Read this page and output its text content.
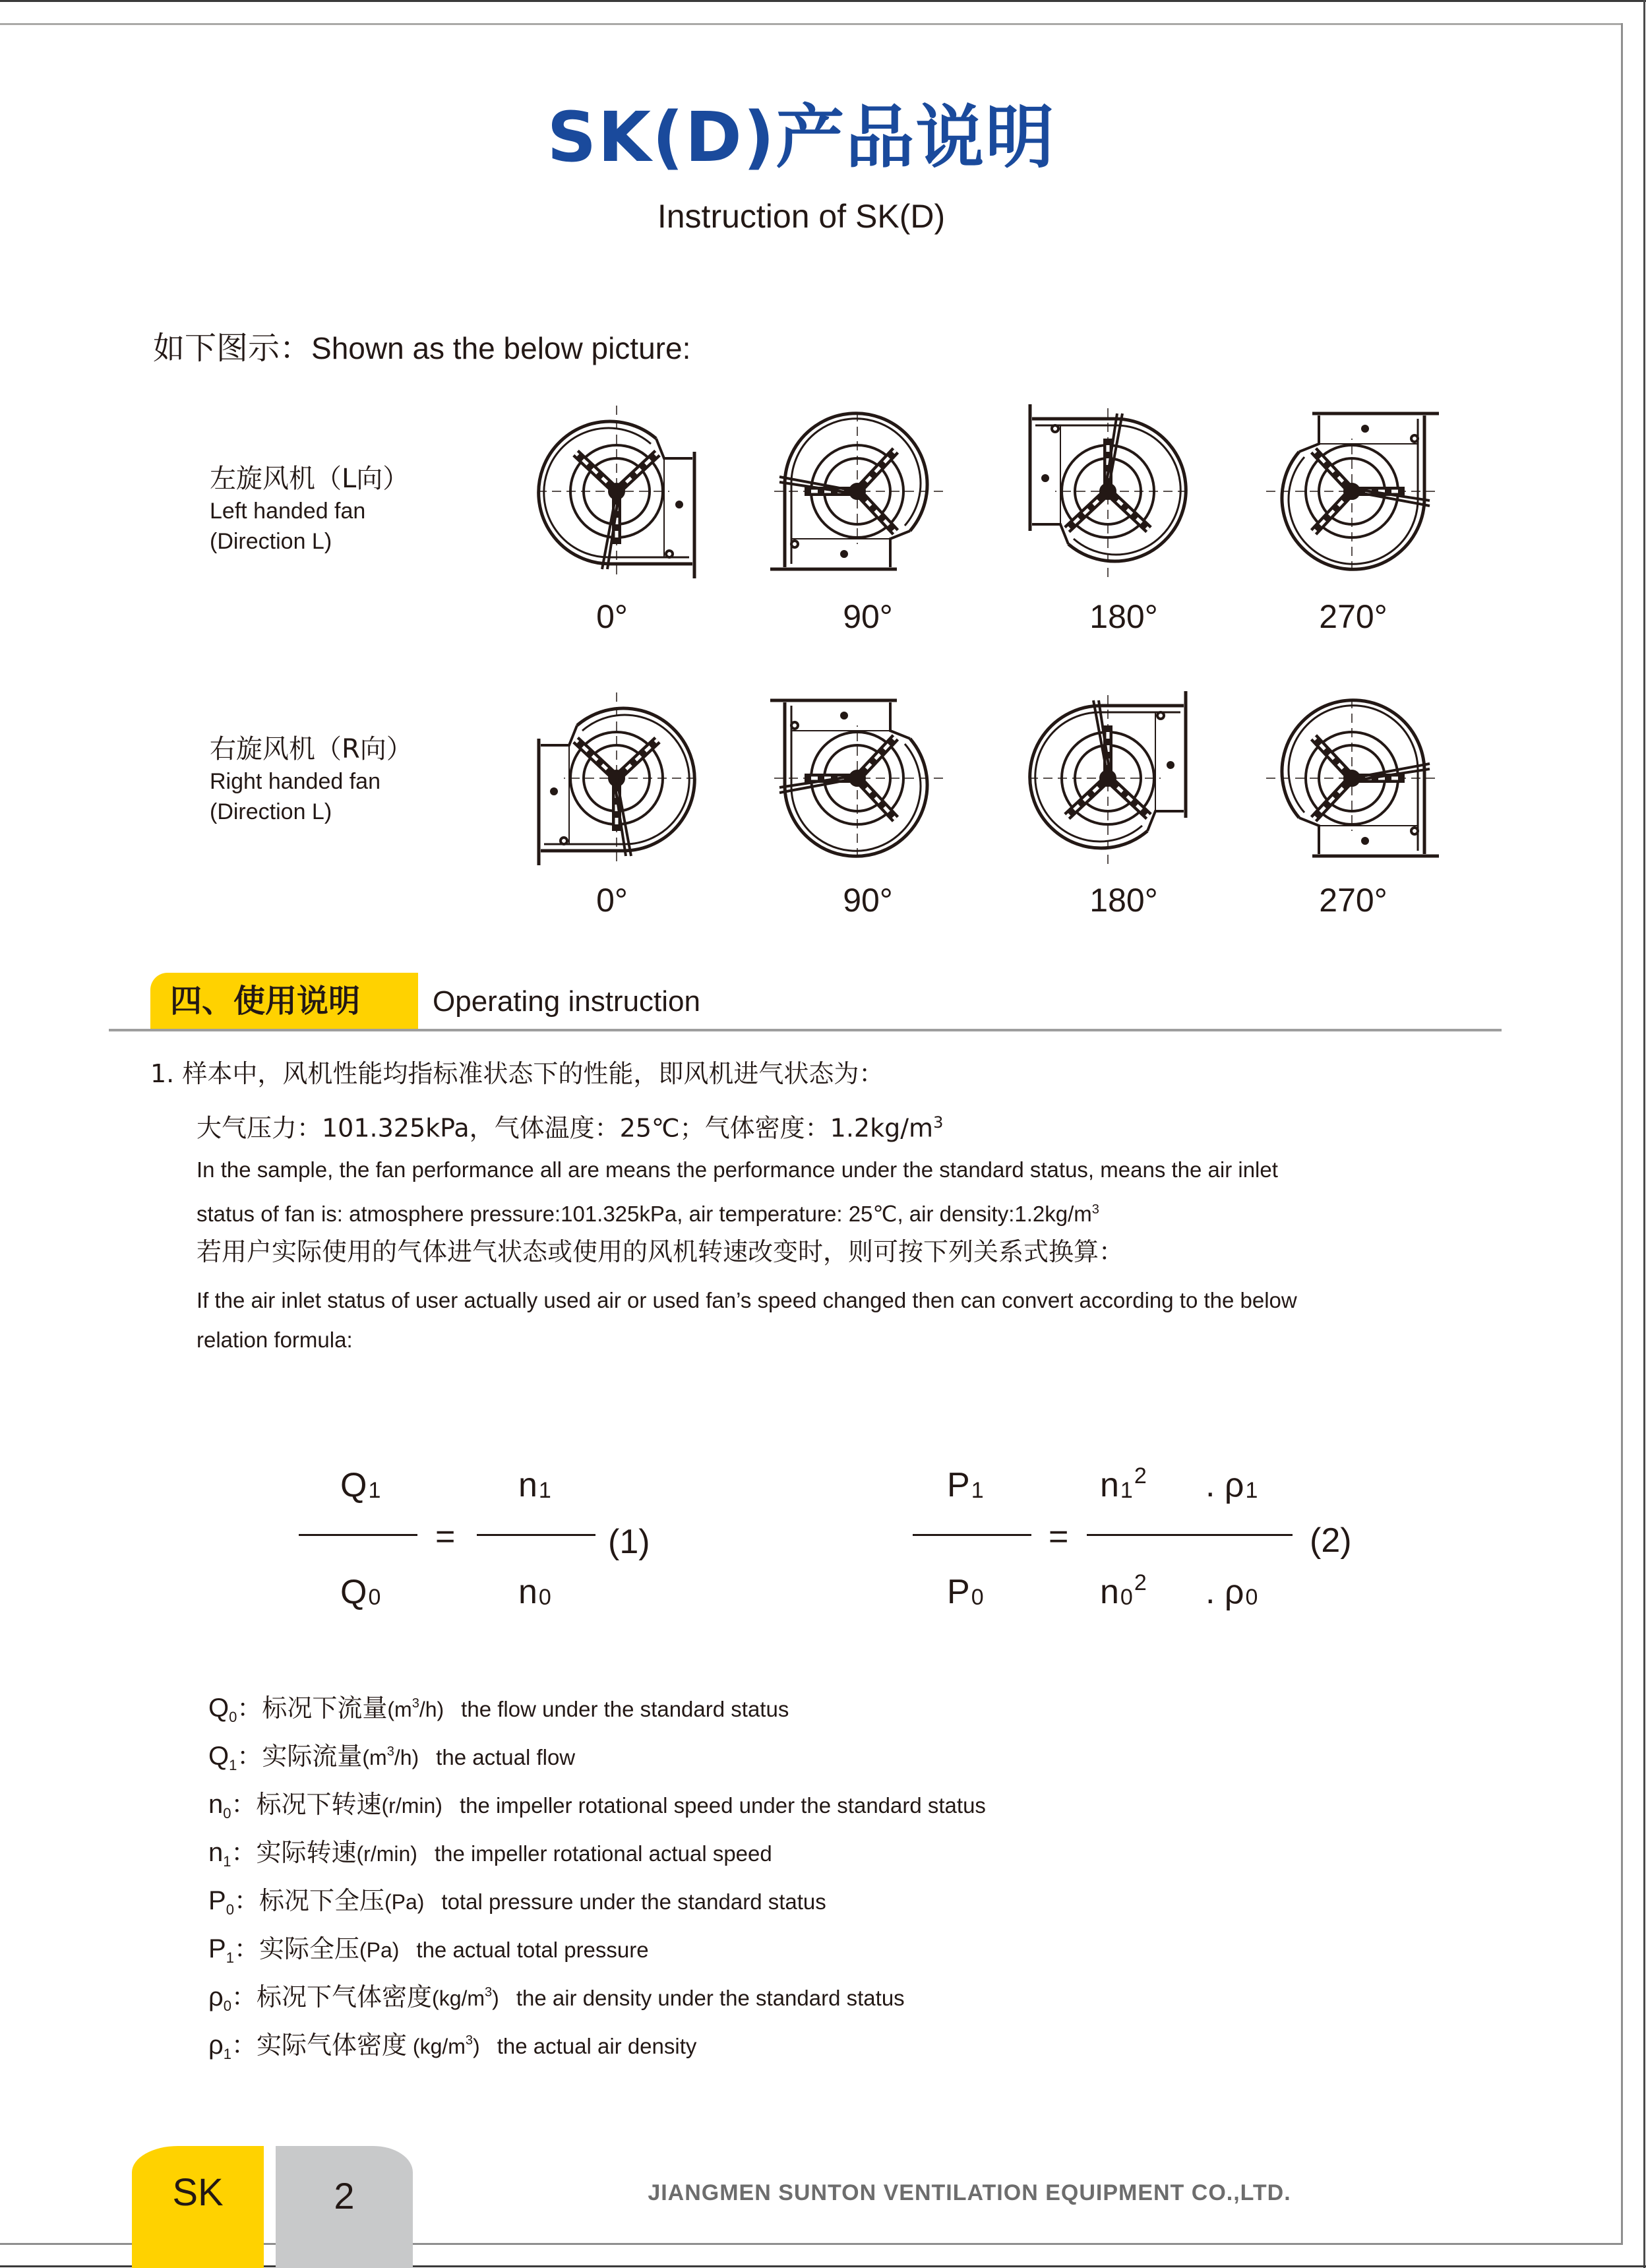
SK(D)产品说明
Instruction of SK(D)
如下图示：Shown as the below picture:
左旋风机（L向）
Left handed fan
(Direction L)
右旋风机（R向）
Right handed fan
(Direction L)
0°	90°	180°	270°
0°	90°	180°	270°
四、使用说明 Operating instruction
1. 样本中，风机性能均指标准状态下的性能，即风机进气状态为：
大气压力：101.325kPa，气体温度：25℃；气体密度：$1.2kg/m^3$
In the sample, the fan performance all are means the performance under the standard status, means the air inlet
status of fan is: atmosphere pressure:101.325kPa, air temperature: 25℃, air $density:1.2kg/m^3$
若用户实际使用的气体进气状态或使用的风机转速改变时，则可按下列关系式换算：
If the air inlet status of user actually used air or used fan’s speed changed then can convert according to the below
relation formula:
$Q_1$
$Q_0$
=
$n_1$
$n_0$
(1)
$P_1$
$P_0$
=
$n_1^2$ . $\rho_1$
$n_0^2$ . $\rho_0$
(2)
$Q_0$：标况下流量$(m^3/h)$ the flow under the standard status
$Q_1$：实际流量$(m^3/h)$ the actual flow
$n_0$：标况下转速(r/min) the impeller rotational speed under the standard status
$n_1$：实际转速(r/min) the impeller rotational actual speed
$P_0$：标况下全压(Pa) total pressure under the standard status
$P_1$：实际全压(Pa) the actual total pressure
$\rho_0$：标况下气体密度$(kg/m^3)$ the air density under the standard status
$\rho_1$：实际气体密度 $(kg/m^3)$ the actual air density
SK	2	JIANGMEN SUNTON VENTILATION EQUIPMENT CO.,LTD.
